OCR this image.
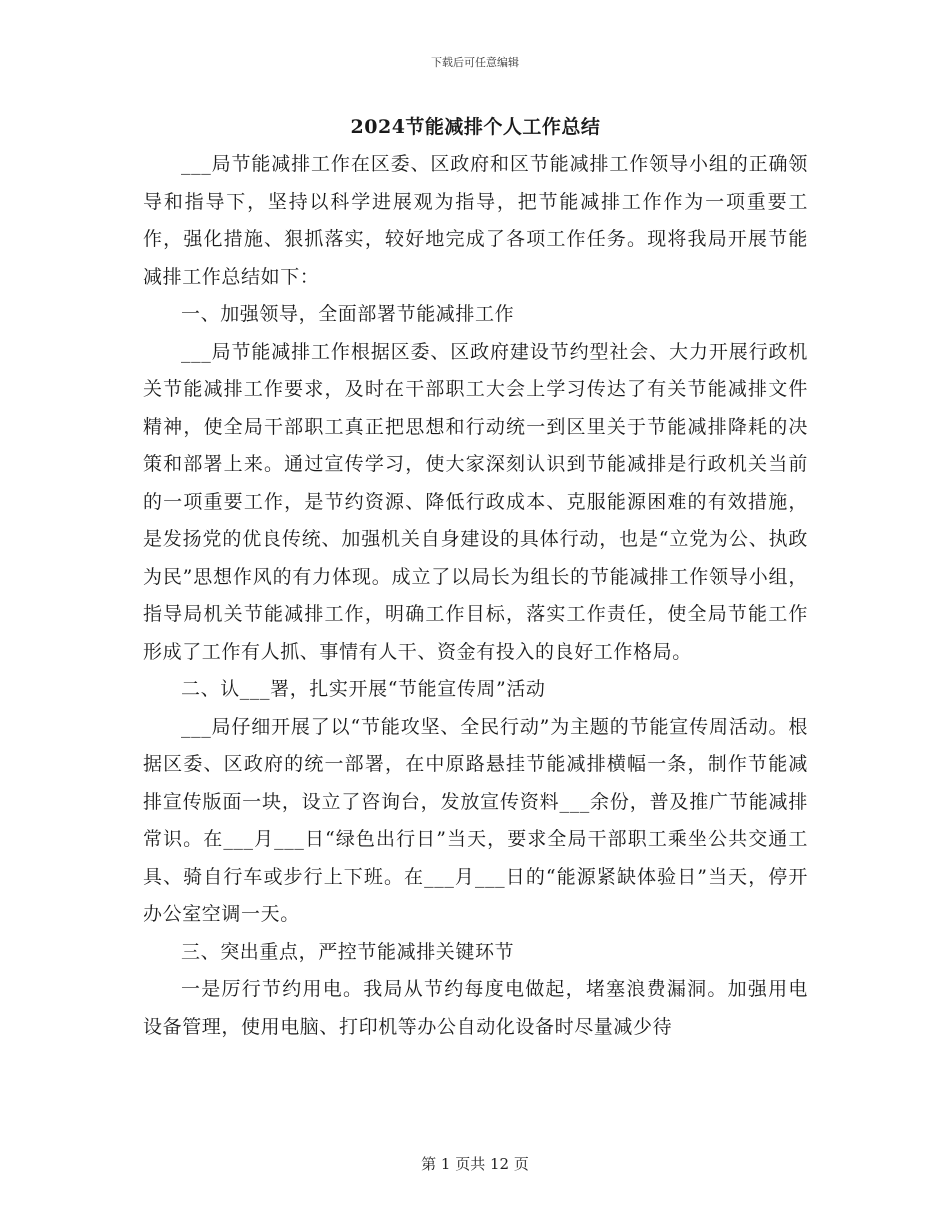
下载后可任意编辑
2024节能减排个人工作总结

___局节能减排工作在区委、区政府和区节能减排工作领导小组的正确领导和指导下，坚持以科学进展观为指导，把节能减排工作作为一项重要工作，强化措施、狠抓落实，较好地完成了各项工作任务。现将我局开展节能减排工作总结如下：

一、加强领导，全面部署节能减排工作

___局节能减排工作根据区委、区政府建设节约型社会、大力开展行政机关节能减排工作要求，及时在干部职工大会上学习传达了有关节能减排文件精神，使全局干部职工真正把思想和行动统一到区里关于节能减排降耗的决策和部署上来。通过宣传学习，使大家深刻认识到节能减排是行政机关当前的一项重要工作，是节约资源、降低行政成本、克服能源困难的有效措施，是发扬党的优良传统、加强机关自身建设的具体行动，也是“立党为公、执政为民”思想作风的有力体现。成立了以局长为组长的节能减排工作领导小组，指导局机关节能减排工作，明确工作目标，落实工作责任，使全局节能工作形成了工作有人抓、事情有人干、资金有投入的良好工作格局。

二、认___署，扎实开展“节能宣传周”活动

___局仔细开展了以“节能攻坚、全民行动”为主题的节能宣传周活动。根据区委、区政府的统一部署，在中原路悬挂节能减排横幅一条，制作节能减排宣传版面一块，设立了咨询台，发放宣传资料___余份，普及推广节能减排常识。在___月___日“绿色出行日”当天，要求全局干部职工乘坐公共交通工具、骑自行车或步行上下班。在___月___日的“能源紧缺体验日”当天，停开办公室空调一天。

三、突出重点，严控节能减排关键环节

一是厉行节约用电。我局从节约每度电做起，堵塞浪费漏洞。加强用电设备管理，使用电脑、打印机等办公自动化设备时尽量减少待

第 1 页共 12 页
